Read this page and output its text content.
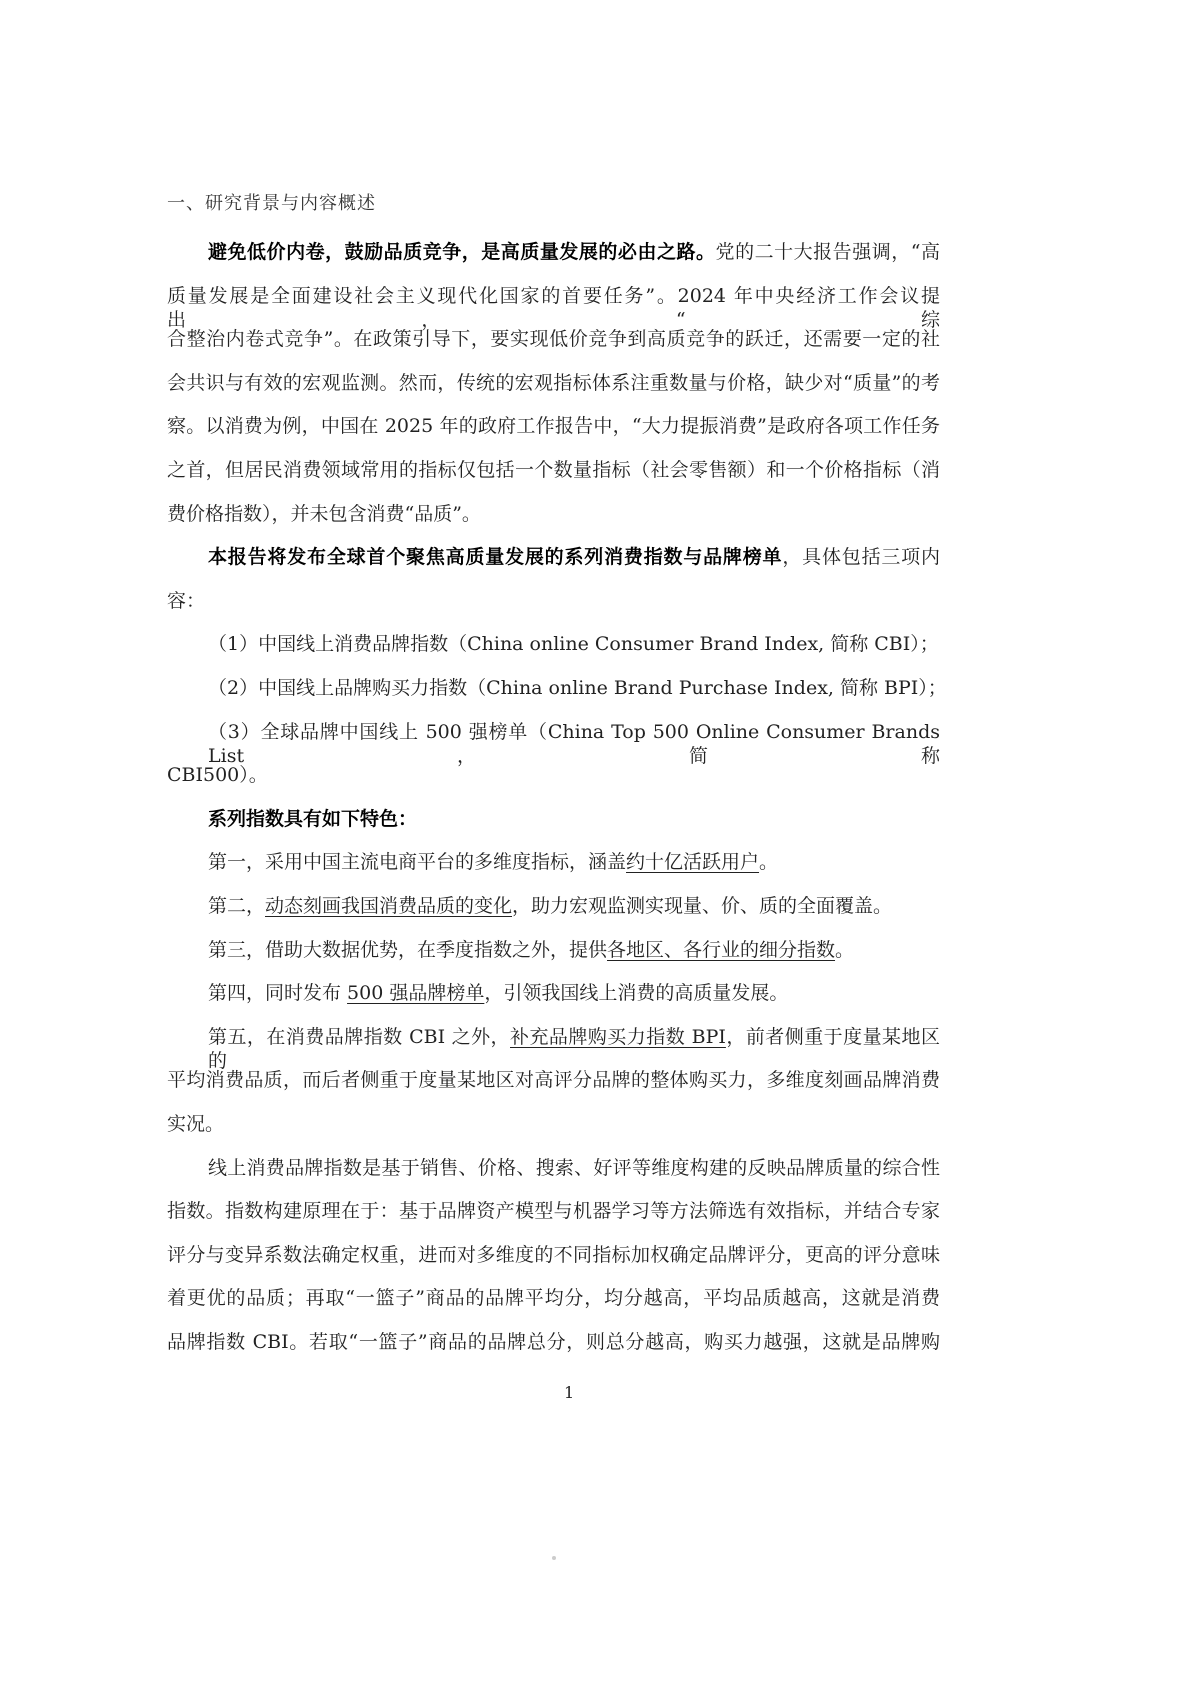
一、研究背景与内容概述
避免低价内卷，鼓励品质竞争，是高质量发展的必由之路。党的二十大报告强调，“高
质量发展是全面建设社会主义现代化国家的首要任务”。2024 年中央经济工作会议提出，“综
合整治内卷式竞争”。在政策引导下，要实现低价竞争到高质竞争的跃迁，还需要一定的社
会共识与有效的宏观监测。然而，传统的宏观指标体系注重数量与价格，缺少对“质量”的考
察。以消费为例，中国在 2025 年的政府工作报告中，“大力提振消费”是政府各项工作任务
之首，但居民消费领域常用的指标仅包括一个数量指标（社会零售额）和一个价格指标（消
费价格指数），并未包含消费“品质”。
本报告将发布全球首个聚焦高质量发展的系列消费指数与品牌榜单，具体包括三项内
容：
（1）中国线上消费品牌指数（China online Consumer Brand Index, 简称 CBI）；
（2）中国线上品牌购买力指数（China online Brand Purchase Index, 简称 BPI）；
（3）全球品牌中国线上 500 强榜单（China Top 500 Online Consumer Brands List，简称
CBI500）。
系列指数具有如下特色：
第一，采用中国主流电商平台的多维度指标，涵盖约十亿活跃用户。
第二，动态刻画我国消费品质的变化，助力宏观监测实现量、价、质的全面覆盖。
第三，借助大数据优势，在季度指数之外，提供各地区、各行业的细分指数。
第四，同时发布 500 强品牌榜单，引领我国线上消费的高质量发展。
第五，在消费品牌指数 CBI 之外，补充品牌购买力指数 BPI，前者侧重于度量某地区的
平均消费品质，而后者侧重于度量某地区对高评分品牌的整体购买力，多维度刻画品牌消费
实况。
线上消费品牌指数是基于销售、价格、搜索、好评等维度构建的反映品牌质量的综合性
指数。指数构建原理在于：基于品牌资产模型与机器学习等方法筛选有效指标，并结合专家
评分与变异系数法确定权重，进而对多维度的不同指标加权确定品牌评分，更高的评分意味
着更优的品质；再取“一篮子”商品的品牌平均分，均分越高，平均品质越高，这就是消费
品牌指数 CBI。若取“一篮子”商品的品牌总分，则总分越高，购买力越强，这就是品牌购
1
